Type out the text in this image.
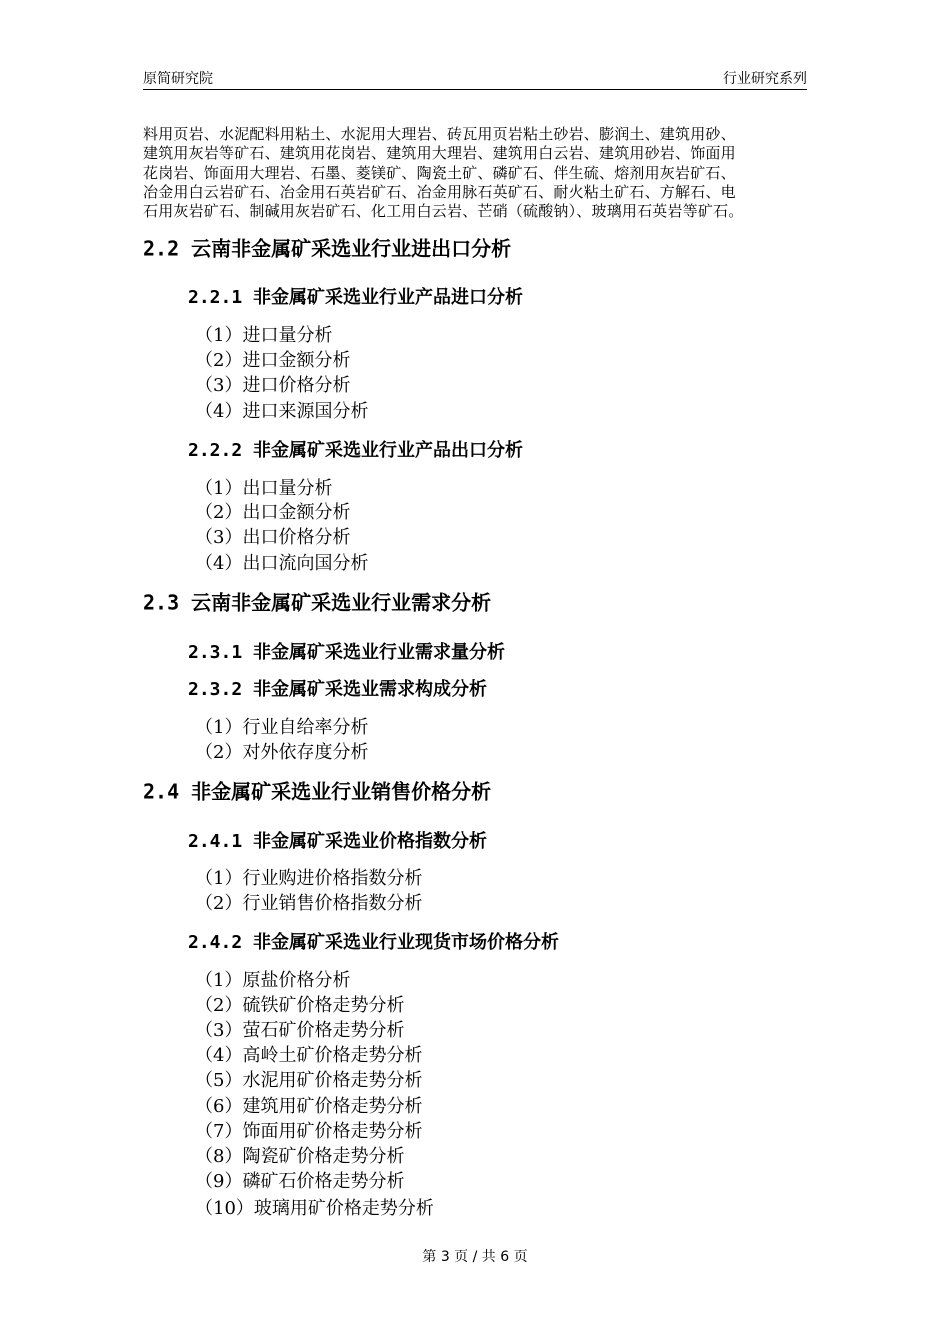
原简研究院	行业研究系列
料用页岩、水泥配料用粘土、水泥用大理岩、砖瓦用页岩粘土砂岩、膨润土、建筑用砂、
建筑用灰岩等矿石、建筑用花岗岩、建筑用大理岩、建筑用白云岩、建筑用砂岩、饰面用
花岗岩、饰面用大理岩、石墨、菱镁矿、陶瓷土矿、磷矿石、伴生硫、熔剂用灰岩矿石、
冶金用白云岩矿石、冶金用石英岩矿石、冶金用脉石英矿石、耐火粘土矿石、方解石、电
石用灰岩矿石、制碱用灰岩矿石、化工用白云岩、芒硝（硫酸钠）、玻璃用石英岩等矿石。
2.2 云南非金属矿采选业行业进出口分析
2.2.1 非金属矿采选业行业产品进口分析
（1）进口量分析
（2）进口金额分析
（3）进口价格分析
（4）进口来源国分析
2.2.2 非金属矿采选业行业产品出口分析
（1）出口量分析
（2）出口金额分析
（3）出口价格分析
（4）出口流向国分析
2.3 云南非金属矿采选业行业需求分析
2.3.1 非金属矿采选业行业需求量分析
2.3.2 非金属矿采选业需求构成分析
（1）行业自给率分析
（2）对外依存度分析
2.4 非金属矿采选业行业销售价格分析
2.4.1 非金属矿采选业价格指数分析
（1）行业购进价格指数分析
（2）行业销售价格指数分析
2.4.2 非金属矿采选业行业现货市场价格分析
（1）原盐价格分析
（2）硫铁矿价格走势分析
（3）萤石矿价格走势分析
（4）高岭土矿价格走势分析
（5）水泥用矿价格走势分析
（6）建筑用矿价格走势分析
（7）饰面用矿价格走势分析
（8）陶瓷矿价格走势分析
（9）磷矿石价格走势分析
（10）玻璃用矿价格走势分析
第 3 页 / 共 6 页
